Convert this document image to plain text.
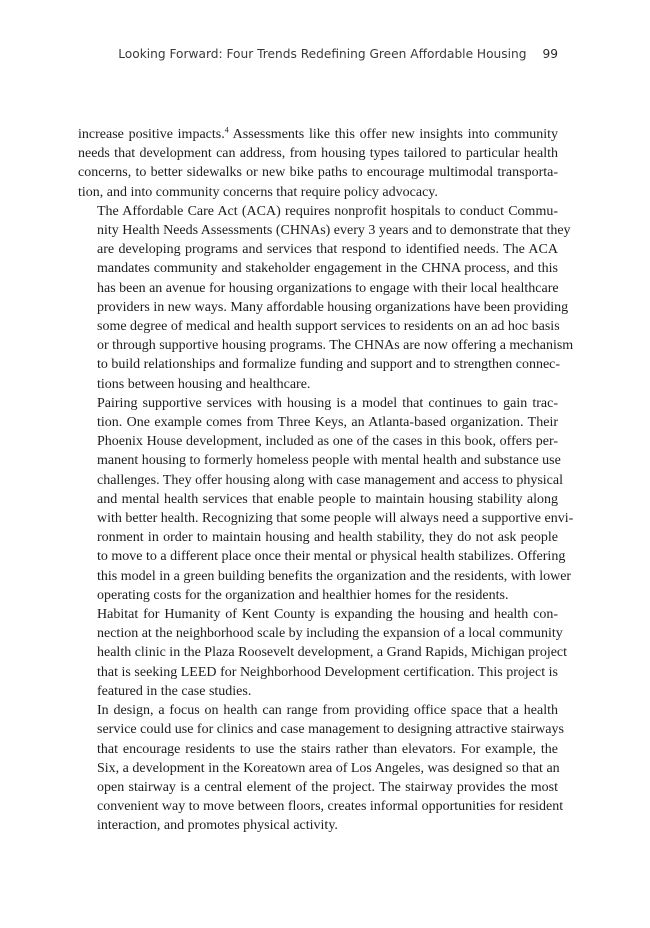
Looking Forward: Four Trends Redefining Green Affordable Housing 99

increase positive impacts.$^4$ Assessments like this offer new insights into community
needs that development can address, from housing types tailored to particular health
concerns, to better sidewalks or new bike paths to encourage multimodal transporta-
tion, and into community concerns that require policy advocacy.

The Affordable Care Act (ACA) requires nonprofit hospitals to conduct Commu-
nity Health Needs Assessments (CHNAs) every 3 years and to demonstrate that they
are developing programs and services that respond to identified needs. The ACA
mandates community and stakeholder engagement in the CHNA process, and this
has been an avenue for housing organizations to engage with their local healthcare
providers in new ways. Many affordable housing organizations have been providing
some degree of medical and health support services to residents on an ad hoc basis
or through supportive housing programs. The CHNAs are now offering a mechanism
to build relationships and formalize funding and support and to strengthen connec-
tions between housing and healthcare.

Pairing supportive services with housing is a model that continues to gain trac-
tion. One example comes from Three Keys, an Atlanta-based organization. Their
Phoenix House development, included as one of the cases in this book, offers per-
manent housing to formerly homeless people with mental health and substance use
challenges. They offer housing along with case management and access to physical
and mental health services that enable people to maintain housing stability along
with better health. Recognizing that some people will always need a supportive envi-
ronment in order to maintain housing and health stability, they do not ask people
to move to a different place once their mental or physical health stabilizes. Offering
this model in a green building benefits the organization and the residents, with lower
operating costs for the organization and healthier homes for the residents.

Habitat for Humanity of Kent County is expanding the housing and health con-
nection at the neighborhood scale by including the expansion of a local community
health clinic in the Plaza Roosevelt development, a Grand Rapids, Michigan project
that is seeking LEED for Neighborhood Development certification. This project is
featured in the case studies.

In design, a focus on health can range from providing office space that a health
service could use for clinics and case management to designing attractive stairways
that encourage residents to use the stairs rather than elevators. For example, the
Six, a development in the Koreatown area of Los Angeles, was designed so that an
open stairway is a central element of the project. The stairway provides the most
convenient way to move between floors, creates informal opportunities for resident
interaction, and promotes physical activity.
